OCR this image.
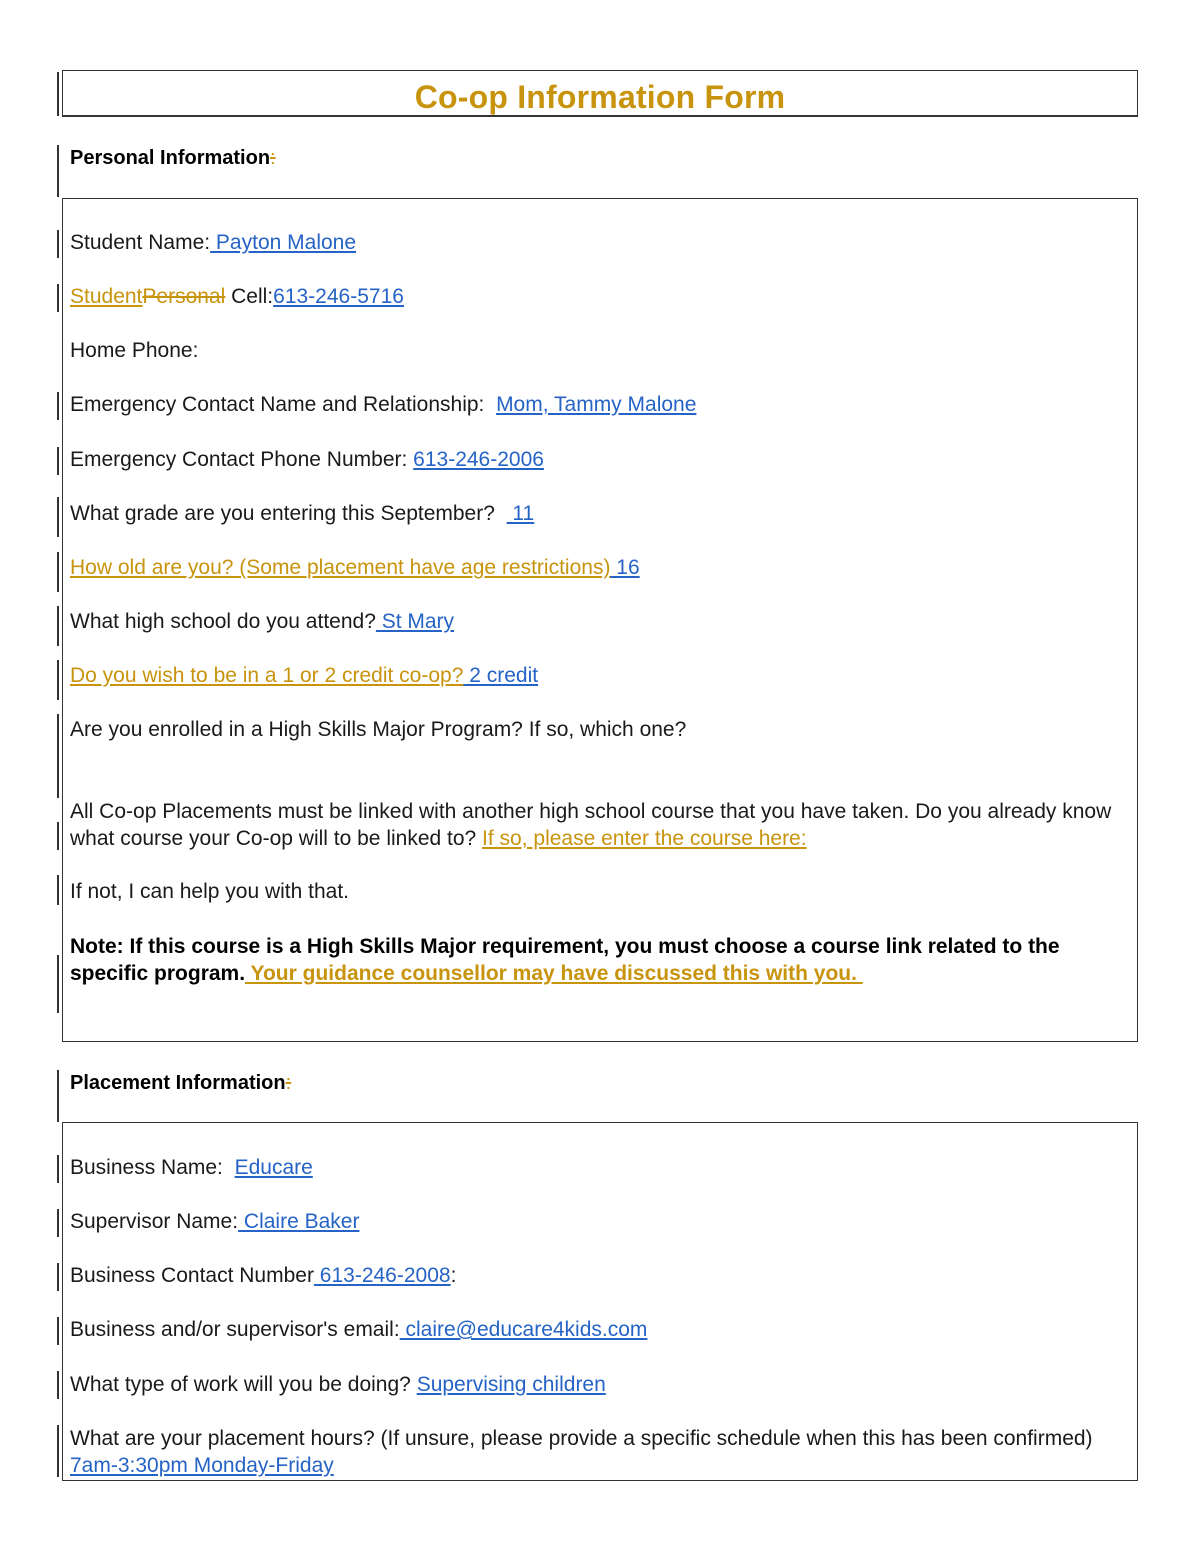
Co-op Information Form
Personal Information:
Student Name: Payton Malone
StudentPersonal Cell:613-246-5716
Home Phone:
Emergency Contact Name and Relationship:  Mom, Tammy Malone
Emergency Contact Phone Number: 613-246-2006
What grade are you entering this September?   11
How old are you? (Some placement have age restrictions) 16
What high school do you attend? St Mary
Do you wish to be in a 1 or 2 credit co-op? 2 credit
Are you enrolled in a High Skills Major Program? If so, which one?
All Co-op Placements must be linked with another high school course that you have taken. Do you already know what course your Co-op will to be linked to? If so, please enter the course here:
If not, I can help you with that.
Note: If this course is a High Skills Major requirement, you must choose a course link related to the specific program. Your guidance counsellor may have discussed this with you.
Placement Information:
Business Name:  Educare
Supervisor Name: Claire Baker
Business Contact Number 613-246-2008:
Business and/or supervisor's email: claire@educare4kids.com
What type of work will you be doing? Supervising children
What are your placement hours? (If unsure, please provide a specific schedule when this has been confirmed) 7am-3:30pm Monday-Friday
